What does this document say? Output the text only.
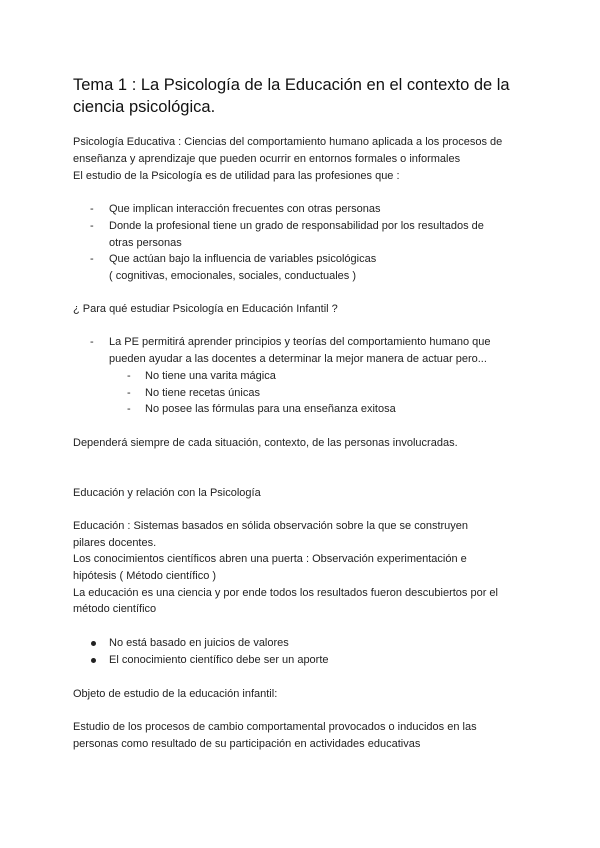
Tema 1 : La Psicología de la Educación en el contexto de la ciencia psicológica.
Psicología Educativa : Ciencias del comportamiento humano aplicada a los procesos de
enseñanza y aprendizaje que pueden ocurrir en entornos formales o informales
El estudio de la Psicología es de utilidad para las profesiones que :
- Que implican interacción frecuentes con otras personas
- Donde la profesional tiene un grado de responsabilidad por los resultados de
otras personas
- Que actúan bajo la influencia de variables psicológicas
( cognitivas, emocionales, sociales, conductuales )
¿ Para qué estudiar Psicología en Educación Infantil ?
- La PE permitirá aprender principios y teorías del comportamiento humano que
pueden ayudar a las docentes a determinar la mejor manera de actuar pero...
- No tiene una varita mágica
- No tiene recetas únicas
- No posee las fórmulas para una enseñanza exitosa
Dependerá siempre de cada situación, contexto, de las personas involucradas.
Educación y relación con la Psicología
Educación : Sistemas basados en sólida observación sobre la que se construyen
pilares docentes.
Los conocimientos científicos abren una puerta : Observación experimentación e
hipótesis ( Método científico )
La educación es una ciencia y por ende todos los resultados fueron descubiertos por el
método científico
No está basado en juicios de valores
El conocimiento científico debe ser un aporte
Objeto de estudio de la educación infantil:
Estudio de los procesos de cambio comportamental provocados o inducidos en las
personas como resultado de su participación en actividades educativas
